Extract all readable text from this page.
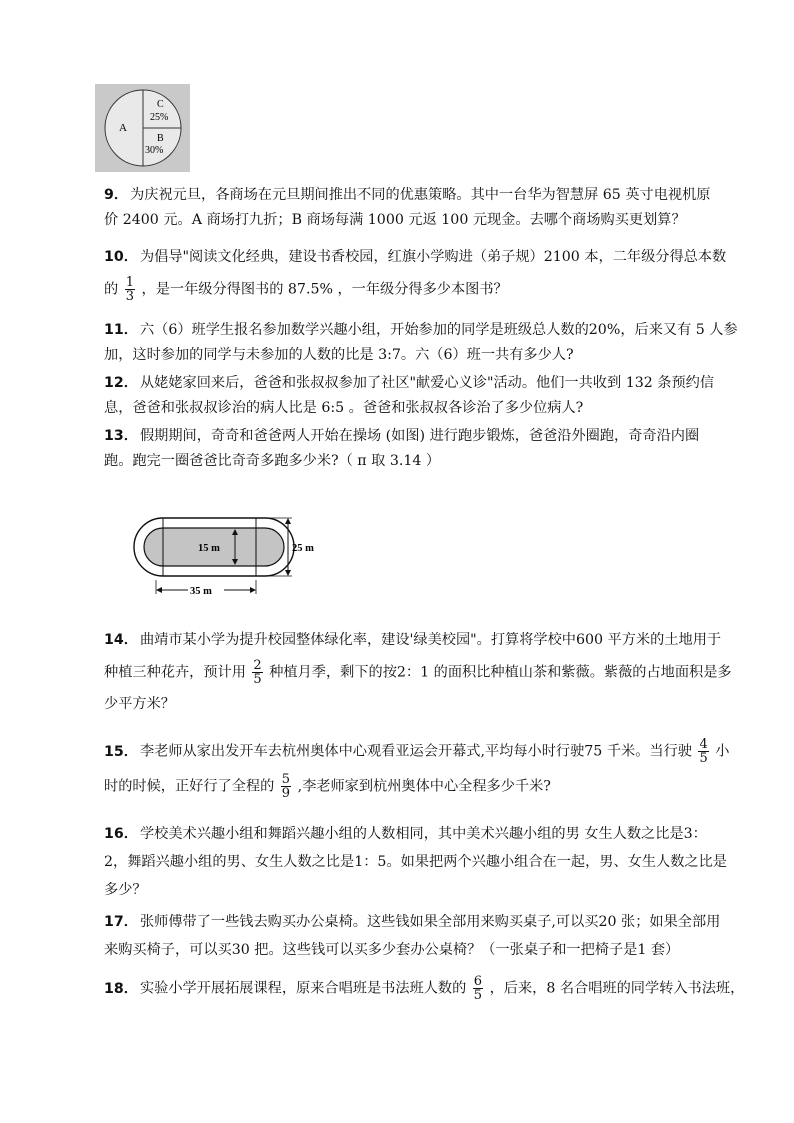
A
C
25%
B
30%
9． 为庆祝元旦，各商场在元旦期间推出不同的优惠策略。其中一台华为智慧屏 65 英寸电视机原
价 2400 元。A 商场打九折；B 商场每满 1000 元返 100 元现金。去哪个商场购买更划算？
10． 为倡导"阅读文化经典，建设书香校园，红旗小学购进（弟子规）2100 本，二年级分得总本数
的 $\frac{1}{3}$ ，是一年级分得图书的 87.5% ，一年级分得多少本图书？
11． 六（6）班学生报名参加数学兴趣小组，开始参加的同学是班级总人数的20%，后来又有 5 人参
加，这时参加的同学与未参加的人数的比是 3:7。六（6）班一共有多少人?
12． 从姥姥家回来后，爸爸和张叔叔参加了社区"献爱心义诊"活动。他们一共收到 132 条预约信
息，爸爸和张叔叔诊治的病人比是 6:5 。爸爸和张叔叔各诊治了多少位病人?
13． 假期期间，奇奇和爸爸两人开始在操场 (如图) 进行跑步锻炼，爸爸沿外圈跑，奇奇沿内圈
跑。跑完一圈爸爸比奇奇多跑多少米?（ π 取 3.14 ）
15 m	25 m
35 m
14． 曲靖市某小学为提升校园整体绿化率，建设'绿美校园"。打算将学校中600 平方米的土地用于
种植三种花卉，预计用 $\frac{2}{5}$ 种植月季，剩下的按2：1 的面积比种植山茶和紫薇。紫薇的占地面积是多
少平方米？
15． 李老师从家出发开车去杭州奥体中心观看亚运会开幕式,平均每小时行驶75 千米。当行驶 $\frac{4}{5}$ 小
时的时候，正好行了全程的 $\frac{5}{9}$ ,李老师家到杭州奥体中心全程多少千米?
16． 学校美术兴趣小组和舞蹈兴趣小组的人数相同，其中美术兴趣小组的男 女生人数之比是3：
2，舞蹈兴趣小组的男、女生人数之比是1：5。如果把两个兴趣小组合在一起，男、女生人数之比是
多少？
17． 张师傅带了一些钱去购买办公桌椅。这些钱如果全部用来购买桌子,可以买20 张；如果全部用
来购买椅子，可以买30 把。这些钱可以买多少套办公桌椅？（一张桌子和一把椅子是1 套）
18． 实验小学开展拓展课程，原来合唱班是书法班人数的 $\frac{6}{5}$ ，后来，8 名合唱班的同学转入书法班，
